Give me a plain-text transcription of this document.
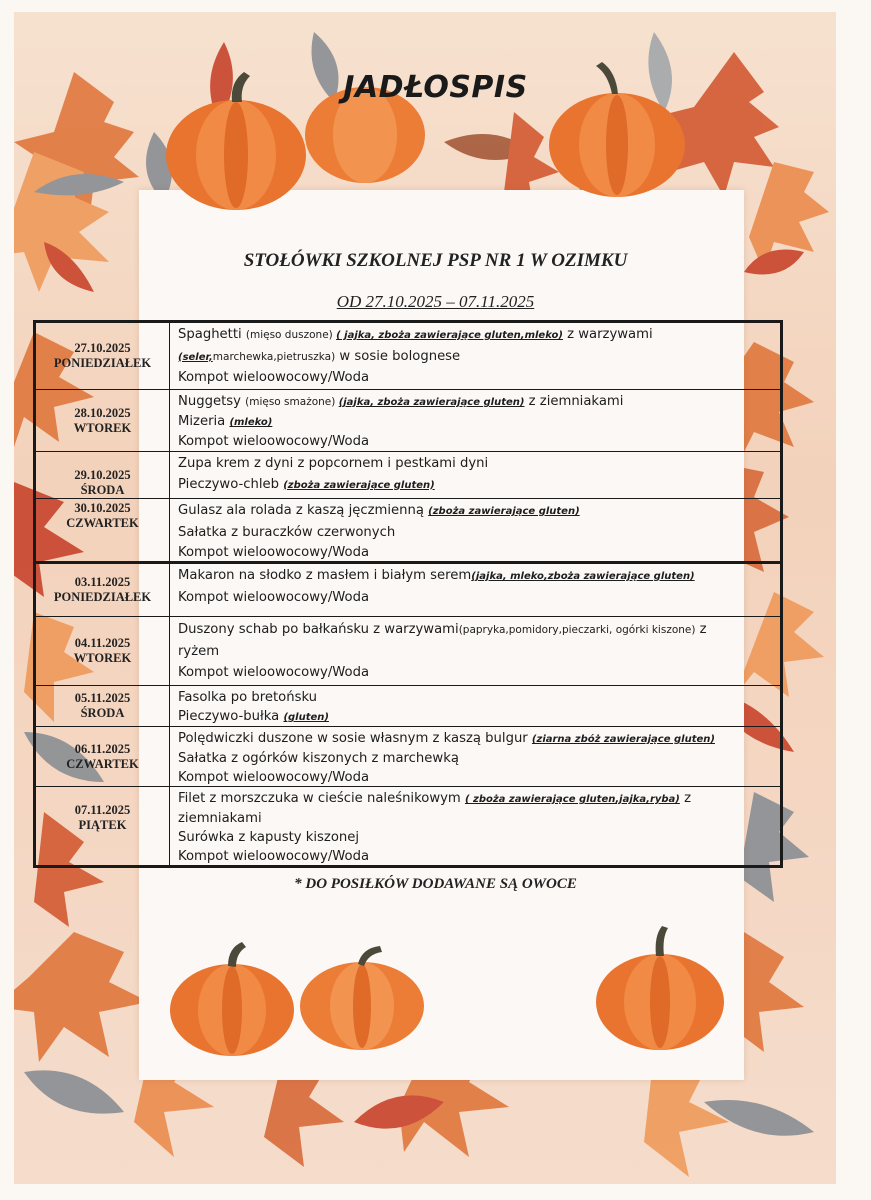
JADŁOSPIS
STOŁÓWKI SZKOLNEJ PSP NR 1 W OZIMKU
OD 27.10.2025 – 07.11.2025
27.10.2025
PONIEDZIAŁEK
Spaghetti (mięso duszone) ( jajka, zboża zawierające gluten,mleko) z warzywami
(seler,marchewka,pietruszka) w sosie bolognese
Kompot wieloowocowy/Woda
28.10.2025
WTOREK
Nuggetsy (mięso smażone) (jajka, zboża zawierające gluten) z ziemniakami
Mizeria (mleko)
Kompot wieloowocowy/Woda
29.10.2025
ŚRODA
Zupa krem z dyni z popcornem i pestkami dyni
Pieczywo-chleb (zboża zawierające gluten)
30.10.2025
CZWARTEK
Gulasz ala rolada z kaszą jęczmienną (zboża zawierające gluten)
Sałatka z buraczków czerwonych
Kompot wieloowocowy/Woda
03.11.2025
PONIEDZIAŁEK
Makaron na słodko z masłem i białym serem(jajka, mleko,zboża zawierające gluten)
Kompot wieloowocowy/Woda
04.11.2025
WTOREK
Duszony schab po bałkańsku z warzywami(papryka,pomidory,pieczarki, ogórki kiszone) z
ryżem
Kompot wieloowocowy/Woda
05.11.2025
ŚRODA
Fasolka po bretońsku
Pieczywo-bułka (gluten)
06.11.2025
CZWARTEK
Polędwiczki duszone w sosie własnym z kaszą bulgur (ziarna zbóż zawierające gluten)
Sałatka z ogórków kiszonych z marchewką
Kompot wieloowocowy/Woda
07.11.2025
PIĄTEK
Filet z morszczuka w cieście naleśnikowym ( zboża zawierające gluten,jajka,ryba) z
ziemniakami
Surówka z kapusty kiszonej
Kompot wieloowocowy/Woda
* DO POSIŁKÓW DODAWANE SĄ OWOCE
